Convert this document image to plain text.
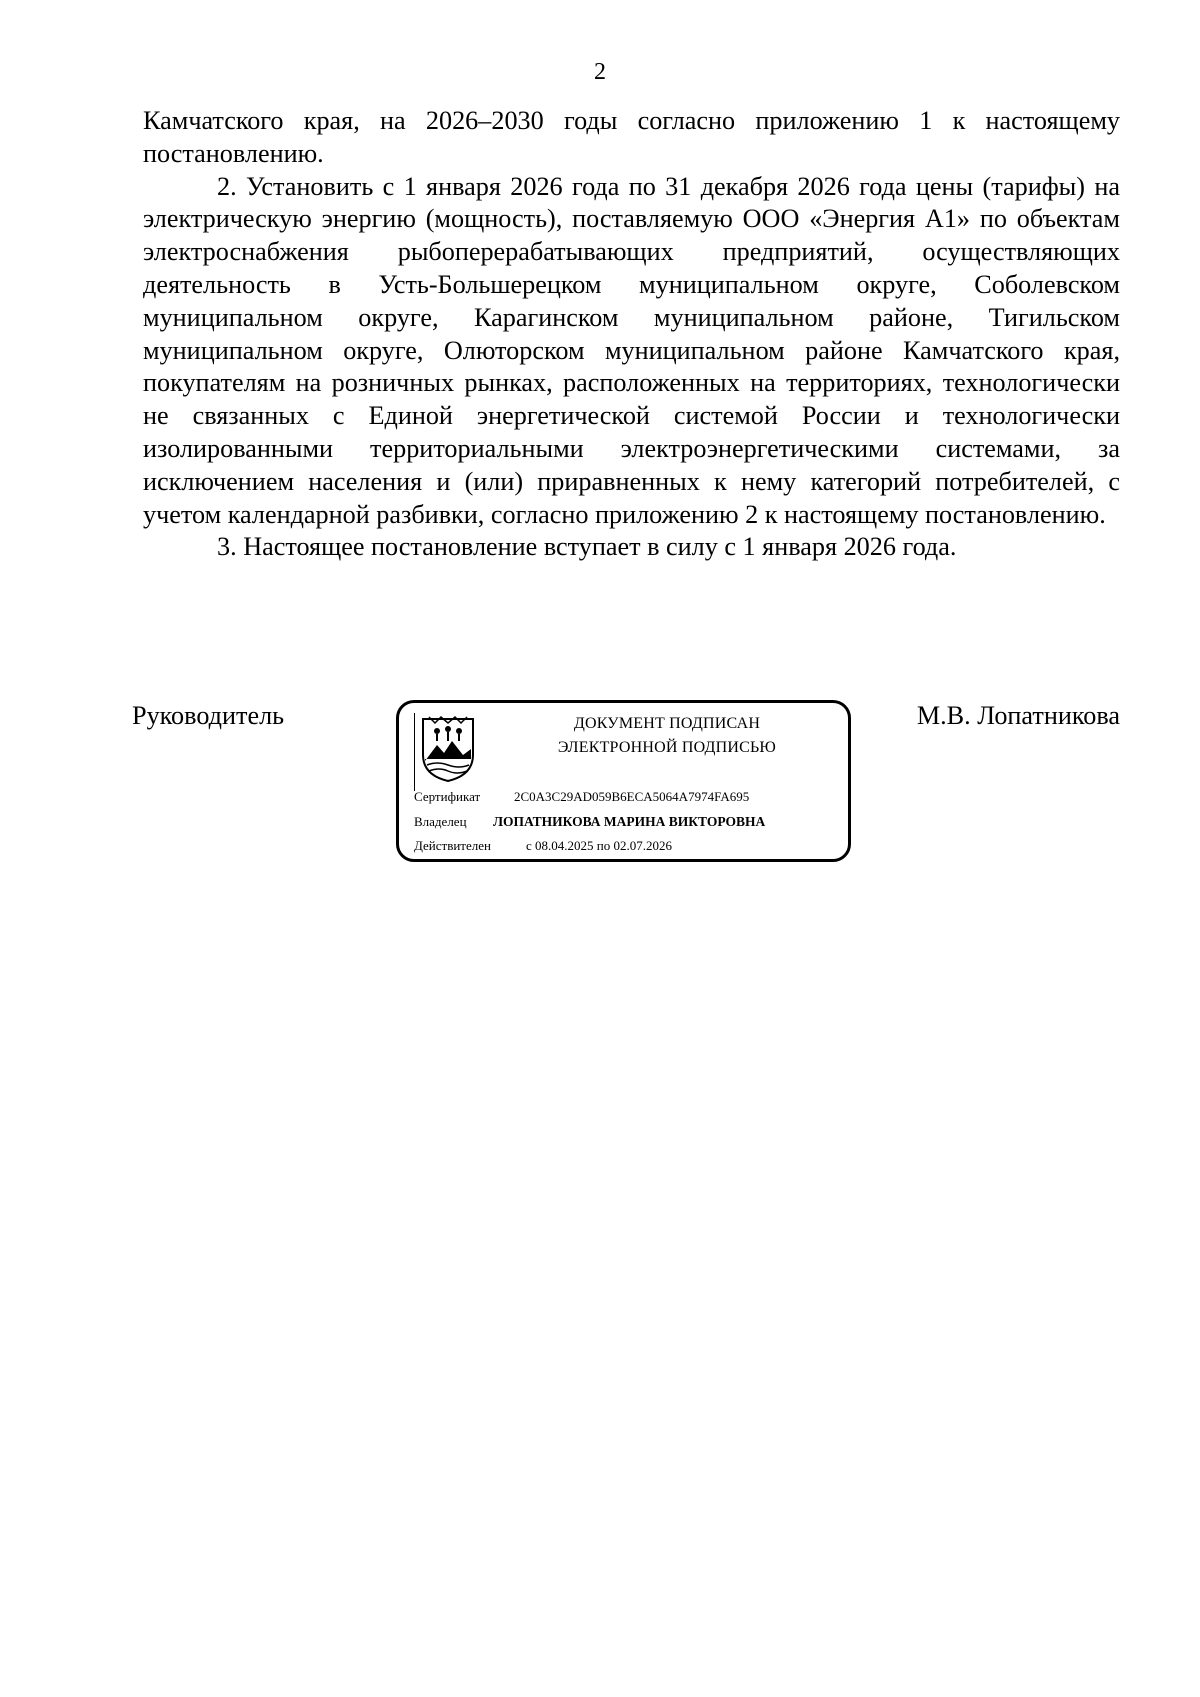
2

Камчатского края, на 2026–2030 годы согласно приложению 1 к настоящему постановлению.

2. Установить с 1 января 2026 года по 31 декабря 2026 года цены (тарифы) на электрическую энергию (мощность), поставляемую ООО «Энергия А1» по объектам электроснабжения рыбоперерабатывающих предприятий, осуществляющих деятельность в Усть-Большерецком муниципальном округе, Соболевском муниципальном округе, Карагинском муниципальном районе, Тигильском муниципальном округе, Олюторском муниципальном районе Камчатского края, покупателям на розничных рынках, расположенных на территориях, технологически не связанных с Единой энергетической системой России и технологически изолированными территориальными электроэнергетическими системами, за исключением населения и (или) приравненных к нему категорий потребителей, с учетом календарной разбивки, согласно приложению 2 к настоящему постановлению.

3. Настоящее постановление вступает в силу с 1 января 2026 года.

Руководитель	ДОКУМЕНТ ПОДПИСАН
ЭЛЕКТРОННОЙ ПОДПИСЬЮ
Сертификат	2C0A3C29AD059B6ECA5064A7974FA695
Владелец ЛОПАТНИКОВА МАРИНА ВИКТОРОВНА
Действителен	с 08.04.2025 по 02.07.2026
М.В. Лопатникова
